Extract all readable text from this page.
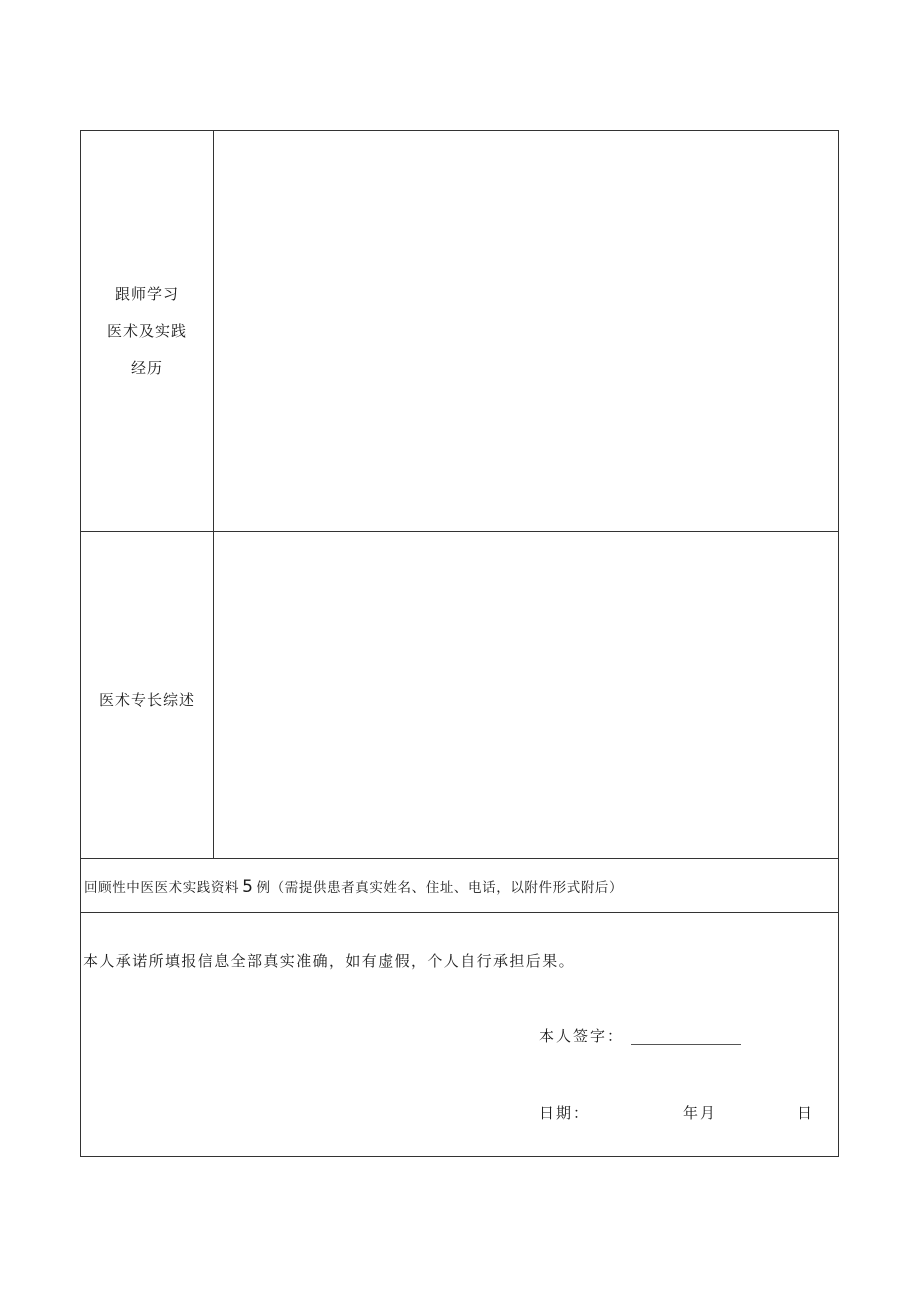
跟师学习
医术及实践
经历
医术专长综述
回顾性中医医术实践资料 5 例（需提供患者真实姓名、住址、电话，以附件形式附后）
本人承诺所填报信息全部真实准确，如有虚假，个人自行承担后果。
本人签字：
日期：	年月	日
